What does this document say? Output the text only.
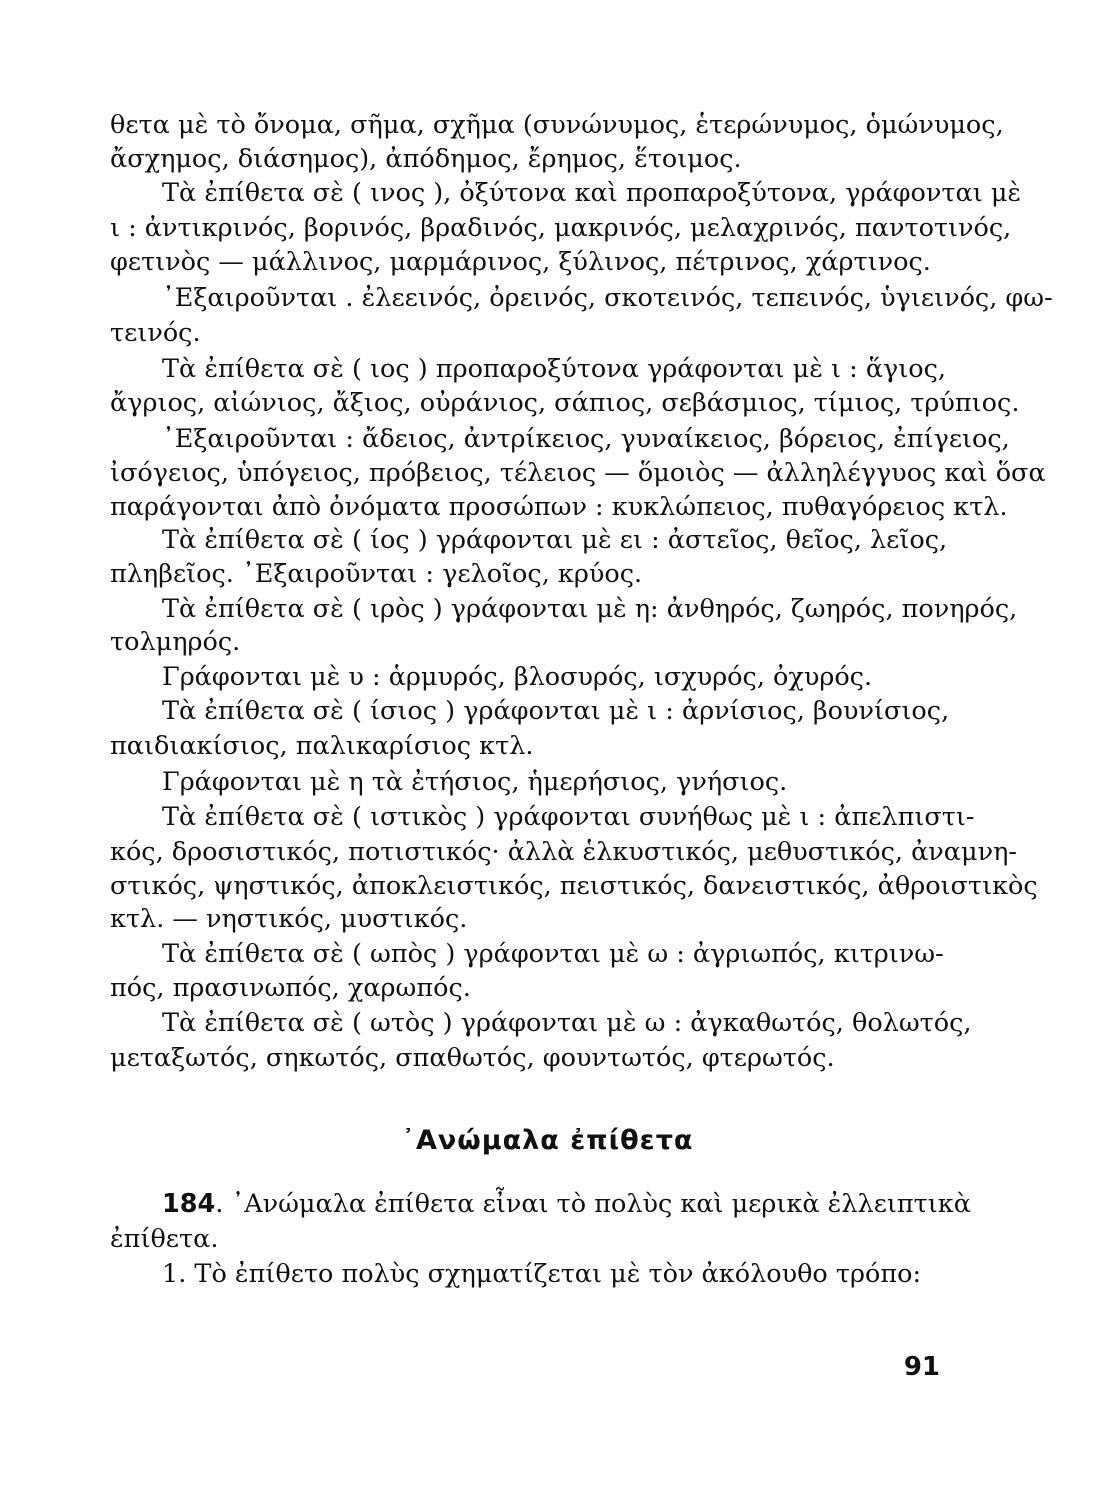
θετα μὲ τὸ ὄνομα, σῆμα, σχῆμα (συνώνυμος, ἑτερώνυμος, ὁμώνυμος,
ἄσχημος, διάσημος), ἀπόδημος, ἔρημος, ἕτοιμος.
Τὰ ἐπίθετα σὲ ( ινος ), ὀξύτονα καὶ προπαροξύτονα, γράφονται μὲ
ι : ἀντικρινός, βορινός, βραδινός, μακρινός, μελαχρινός, παντοτινός,
φετινὸς — μάλλινος, μαρμάρινος, ξύλινος, πέτρινος, χάρτινος.
᾿Εξαιροῦνται . ἐλεεινός, ὀρεινός, σκοτεινός, τεπεινός, ὑγιεινός, φω-
τεινός.
Τὰ ἐπίθετα σὲ ( ιος ) προπαροξύτονα γράφονται μὲ ι : ἅγιος,
ἄγριος, αἰώνιος, ἄξιος, οὐράνιος, σάπιος, σεβάσμιος, τίμιος, τρύπιος.
᾿Εξαιροῦνται : ἄδειος, ἀντρίκειος, γυναίκειος, βόρειος, ἐπίγειος,
ἰσόγειος, ὑπόγειος, πρόβειος, τέλειος — ὅμοιὸς — ἀλληλέγγυος καὶ ὅσα
παράγονται ἀπὸ ὀνόματα προσώπων : κυκλώπειος, πυθαγόρειος κτλ.
Τὰ ἐπίθετα σὲ ( ίος ) γράφονται μὲ ει : ἀστεῖος, θεῖος, λεῖος,
πληβεῖος. ᾿Εξαιροῦνται : γελοῖος, κρύος.
Τὰ ἐπίθετα σὲ ( ιρὸς ) γράφονται μὲ η: ἀνθηρός, ζωηρός, πονηρός,
τολμηρός.
Γράφονται μὲ υ : ἁρμυρός, βλοσυρός, ισχυρός, ὀχυρός.
Τὰ ἐπίθετα σὲ ( ίσιος ) γράφονται μὲ ι : ἀρνίσιος, βουνίσιος,
παιδιακίσιος, παλικαρίσιος κτλ.
Γράφονται μὲ η τὰ ἐτήσιος, ἡμερήσιος, γνήσιος.
Τὰ ἐπίθετα σὲ ( ιστικὸς ) γράφονται συνήθως μὲ ι : ἀπελπιστι-
κός, δροσιστικός, ποτιστικός· ἀλλὰ ἑλκυστικός, μεθυστικός, ἀναμνη-
στικός, ψηστικός, ἀποκλειστικός, πειστικός, δανειστικός, ἀθροιστικὸς
κτλ. — νηστικός, μυστικός.
Τὰ ἐπίθετα σὲ ( ωπὸς ) γράφονται μὲ ω : ἀγριωπός, κιτρινω-
πός, πρασινωπός, χαρωπός.
Τὰ ἐπίθετα σὲ ( ωτὸς ) γράφονται μὲ ω : ἀγκαθωτός, θολωτός,
μεταξωτός, σηκωτός, σπαθωτός, φουντωτός, φτερωτός.
᾿Ανώμαλα ἐπίθετα
184. ᾿Ανώμαλα ἐπίθετα εἶναι τὸ πολὺς καὶ μερικὰ ἐλλειπτικὰ
ἐπίθετα.
1. Τὸ ἐπίθετο πολὺς σχηματίζεται μὲ τὸν ἀκόλουθο τρόπο:
91
